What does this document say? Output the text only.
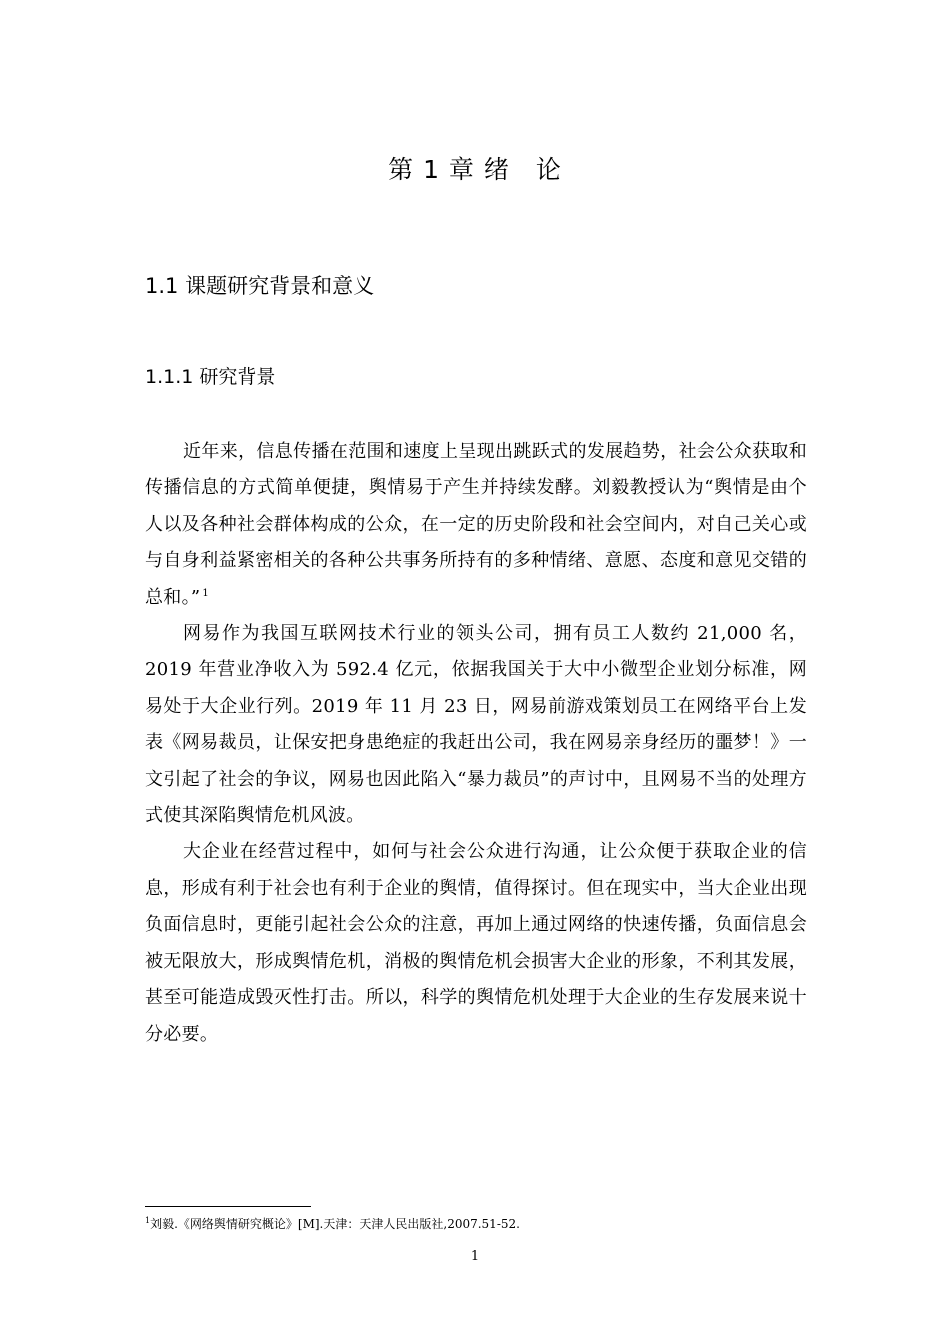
第 1 章 绪　论
1.1 课题研究背景和意义
1.1.1 研究背景

近年来，信息传播在范围和速度上呈现出跳跃式的发展趋势，社会公众获取和传播信息的方式简单便捷，舆情易于产生并持续发酵。刘毅教授认为“舆情是由个人以及各种社会群体构成的公众，在一定的历史阶段和社会空间内，对自己关心或与自身利益紧密相关的各种公共事务所持有的多种情绪、意愿、态度和意见交错的总和。” $^1$

网易作为我国互联网技术行业的领头公司，拥有员工人数约 21,000 名，2019 年营业净收入为 592.4 亿元，依据我国关于大中小微型企业划分标准，网易处于大企业行列。2019 年 11 月 23 日，网易前游戏策划员工在网络平台上发表《网易裁员，让保安把身患绝症的我赶出公司，我在网易亲身经历的噩梦！》一文引起了社会的争议，网易也因此陷入“暴力裁员”的声讨中，且网易不当的处理方式使其深陷舆情危机风波。

大企业在经营过程中，如何与社会公众进行沟通，让公众便于获取企业的信息，形成有利于社会也有利于企业的舆情，值得探讨。但在现实中，当大企业出现负面信息时，更能引起社会公众的注意，再加上通过网络的快速传播，负面信息会被无限放大，形成舆情危机，消极的舆情危机会损害大企业的形象，不利其发展，甚至可能造成毁灭性打击。所以，科学的舆情危机处理于大企业的生存发展来说十分必要。

$^1$刘毅.《网络舆情研究概论》[M].天津：天津人民出版社,2007.51-52.

1
